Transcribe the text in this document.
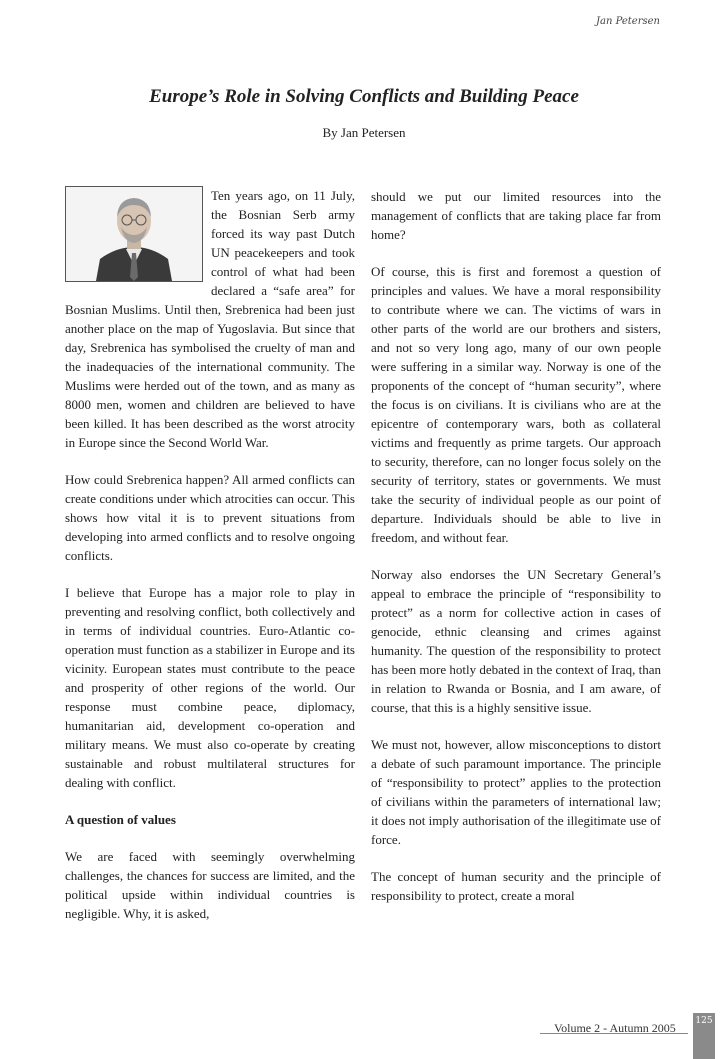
Jan Petersen
Europe’s Role in Solving Conflicts and Building Peace
By Jan Petersen

Ten years ago, on 11 July, the Bosnian Serb army forced its way past Dutch UN peacekeepers and took control of what had been declared a “safe area” for Bosnian Muslims. Until then, Srebrenica had been just another place on the map of Yugoslavia. But since that day, Srebrenica has symbolised the cruelty of man and the inadequacies of the international community. The Muslims were herded out of the town, and as many as 8000 men, women and children are believed to have been killed. It has been described as the worst atrocity in Europe since the Second World War.

How could Srebrenica happen? All armed conflicts can create conditions under which atrocities can occur. This shows how vital it is to prevent situations from developing into armed conflicts and to resolve ongoing conflicts.

I believe that Europe has a major role to play in preventing and resolving conflict, both collectively and in terms of individual countries. Euro-Atlantic co-operation must function as a stabilizer in Europe and its vicinity. European states must contribute to the peace and prosperity of other regions of the world. Our response must combine peace, diplomacy, humanitarian aid, development co-operation and military means. We must also co-operate by creating sustainable and robust multilateral structures for dealing with conflict.

A question of values

We are faced with seemingly overwhelming challenges, the chances for success are limited, and the political upside within individual countries is negligible. Why, it is asked,

should we put our limited resources into the management of conflicts that are taking place far from home?

Of course, this is first and foremost a question of principles and values. We have a moral responsibility to contribute where we can. The victims of wars in other parts of the world are our brothers and sisters, and not so very long ago, many of our own people were suffering in a similar way. Norway is one of the proponents of the concept of “human security”, where the focus is on civilians. It is civilians who are at the epicentre of contemporary wars, both as collateral victims and frequently as prime targets. Our approach to security, therefore, can no longer focus solely on the security of territory, states or governments. We must take the security of individual people as our point of departure. Individuals should be able to live in freedom, and without fear.

Norway also endorses the UN Secretary General’s appeal to embrace the principle of “responsibility to protect” as a norm for collective action in cases of genocide, ethnic cleansing and crimes against humanity. The question of the responsibility to protect has been more hotly debated in the context of Iraq, than in relation to Rwanda or Bosnia, and I am aware, of course, that this is a highly sensitive issue.

We must not, however, allow misconceptions to distort a debate of such paramount importance. The principle of “responsibility to protect” applies to the protection of civilians within the parameters of international law; it does not imply authorisation of the illegitimate use of force.

The concept of human security and the principle of responsibility to protect, create a moral

Volume 2 - Autumn 2005 125
